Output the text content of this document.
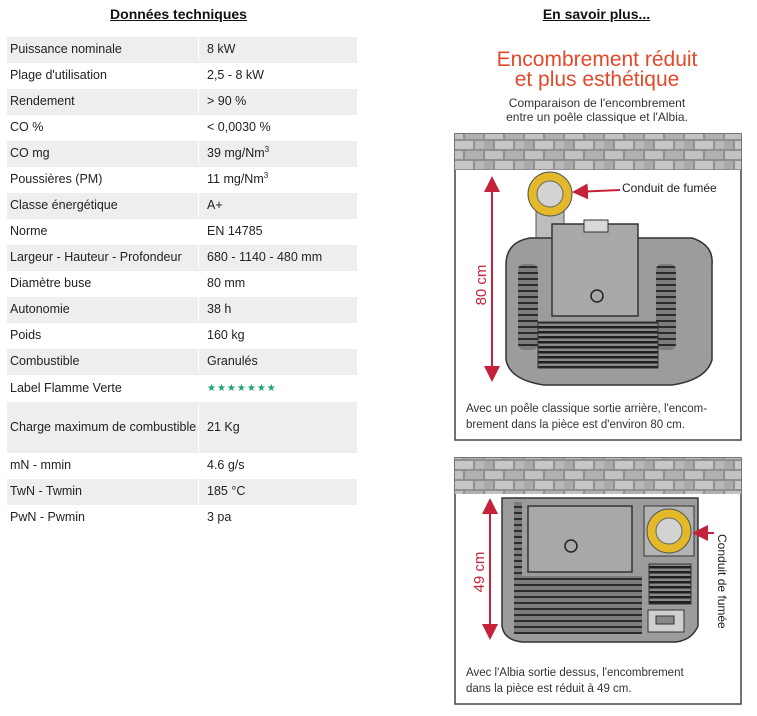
Données techniques	En savoir plus...
Puissance nominale	8 kW
Plage d'utilisation	2,5 - 8 kW
Rendement	> 90 %
CO %	< 0,0030 %
CO mg	39 mg/Nm$^3$
Poussières (PM)	11 mg/Nm$^3$
Classe énergétique	A+
Norme	EN 14785
Largeur - Hauteur - Profondeur	680 - 1140 - 480 mm
Diamètre buse	80 mm
Autonomie	38 h
Poids	160 kg
Combustible	Granulés
Label Flamme Verte	★★★★★★★
Charge maximum de combustible	21 Kg
mN - mmin	4.6 g/s
TwN - Twmin	185 °C
PwN - Pwmin	3 pa
Encombrement réduit
et plus esthétique
Comparaison de l'encombrement
entre un poêle classique et l'Albia.
80 cm
Conduit de fumée
Avec un poêle classique sortie arrière, l'encom-
brement dans la pièce est d'environ 80 cm.
49 cm	Conduit de fumée
Avec l'Albia sortie dessus, l'encombrement
dans la pièce est réduit à 49 cm.
